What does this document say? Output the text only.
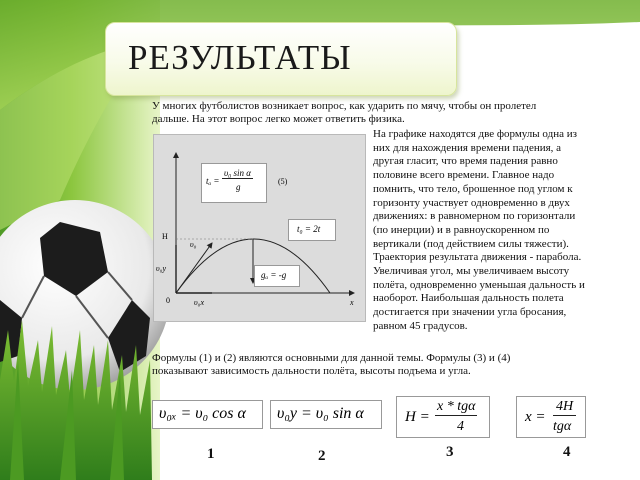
РЕЗУЛЬТАТЫ
У многих футболистов возникает вопрос, как ударить по мячу, чтобы он пролетел
дальше. На этот вопрос легко может ответить физика.
H
υ₀
υ₀y
υ₀x	x
0
tₐ =
υ₀ sin α
g
(5)
t₀ = 2t
gₐ = -g
На графике находятся две формулы одна из
них для нахождения времени падения, а
другая гласит, что время падения равно
половине всего времени. Главное надо
помнить, что тело, брошенное под углом к
горизонту участвует одновременно в двух
движениях: в равномерном по горизонтали
(по инерции) и в равноускоренном по
вертикали (под действием силы тяжести).
Траектория результата движения - парабола.
Увеличивая угол, мы увеличиваем высоту
полёта, одновременно уменьшая дальность и
наоборот. Наибольшая дальность полета
достигается при значении угла бросания,
равном 45 градусов.
Формулы (1) и (2) являются основными для данной темы. Формулы (3) и (4)
показывают зависимость дальности полёта, высоты подъема и угла.
υ₀ₓ = υ₀ cos α υ₀y = υ₀ sin α	H =
x * tgα
4
x =
4H
tgα
1	2	3	4
